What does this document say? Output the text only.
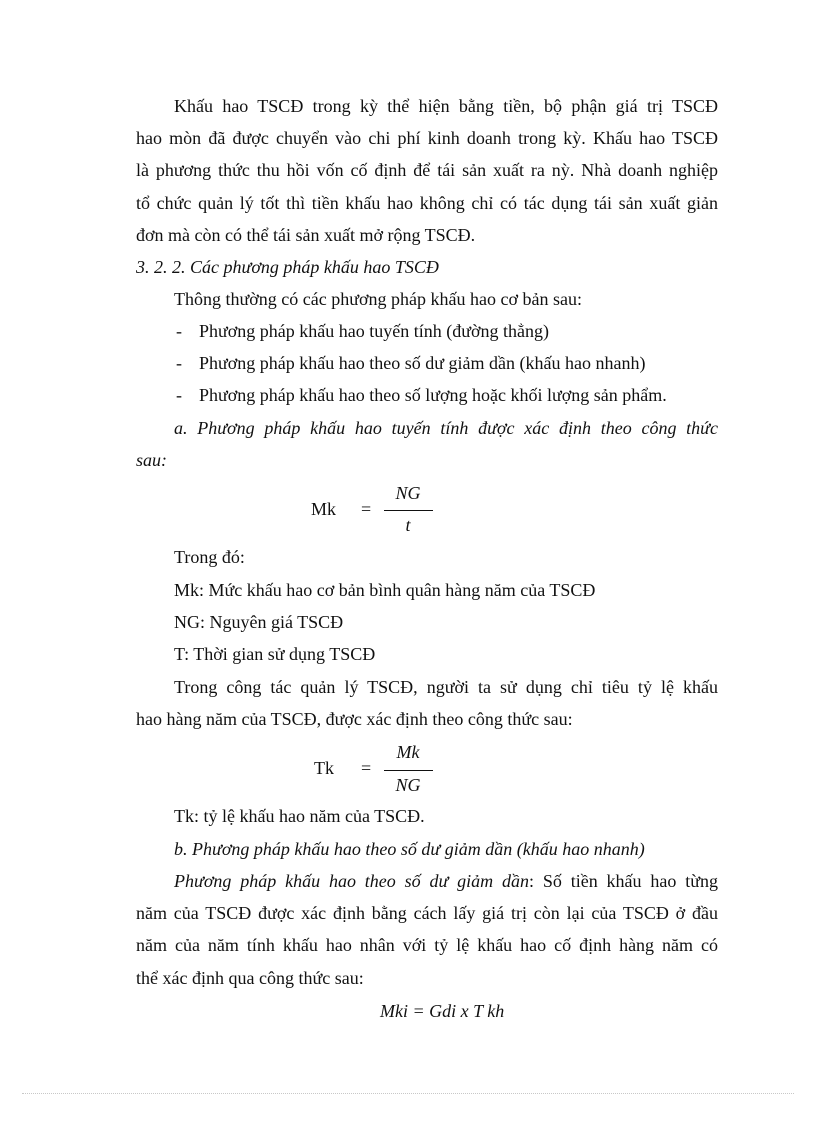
Khấu hao TSCĐ trong kỳ thể hiện bằng tiền, bộ phận giá trị TSCĐ
hao mòn đã được chuyển vào chi phí kinh doanh trong kỳ. Khấu hao TSCĐ
là phương thức thu hồi vốn cố định để tái sản xuất ra nỳ. Nhà doanh nghiệp
tổ chức quản lý tốt thì tiền khấu hao không chỉ có tác dụng tái sản xuất giản
đơn mà còn có thể tái sản xuất mở rộng TSCĐ.
3. 2. 2. Các phương pháp khấu hao TSCĐ
Thông thường có các phương pháp khấu hao cơ bản sau:
- Phương pháp khấu hao tuyến tính (đường thẳng)
- Phương pháp khấu hao theo số dư giảm dần (khấu hao nhanh)
- Phương pháp khấu hao theo số lượng hoặc khối lượng sản phẩm.
a. Phương pháp khấu hao tuyến tính được xác định theo công thức
sau:
Mk =
NG
t
Trong đó:
Mk: Mức khấu hao cơ bản bình quân hàng năm của TSCĐ
NG: Nguyên giá TSCĐ
T: Thời gian sử dụng TSCĐ
Trong công tác quản lý TSCĐ, người ta sử dụng chỉ tiêu tỷ lệ khấu
hao hàng năm của TSCĐ, được xác định theo công thức sau:
Tk =
Mk
NG
Tk: tỷ lệ khấu hao năm của TSCĐ.
b. Phương pháp khấu hao theo số dư giảm dần (khấu hao nhanh)
Phương pháp khấu hao theo số dư giảm dần: Số tiền khấu hao từng
năm của TSCĐ được xác định bằng cách lấy giá trị còn lại của TSCĐ ở đầu
năm của năm tính khấu hao nhân với tỷ lệ khấu hao cố định hàng năm có
thể xác định qua công thức sau:
Mki = Gdi x T kh
